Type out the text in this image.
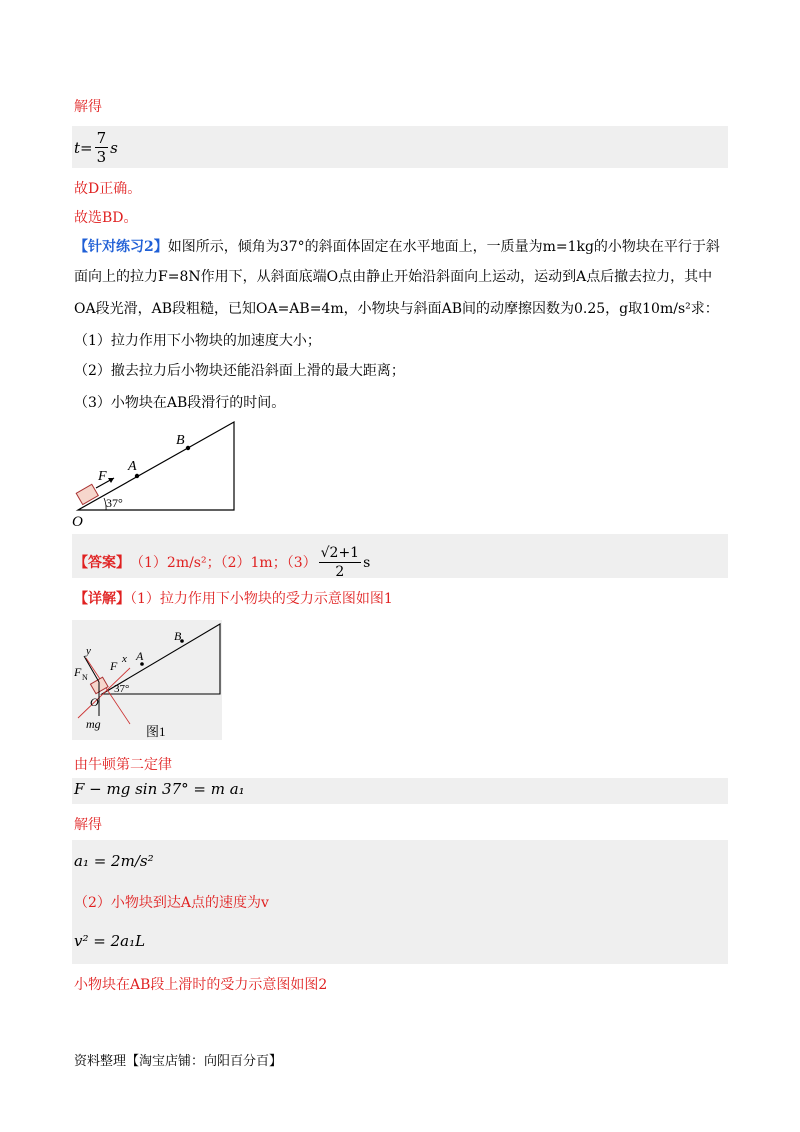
解得
$t = \frac{7}{3}$ s
故D正确。
故选BD。
【针对练习2】如图所示，倾角为37°的斜面体固定在水平地面上，一质量为m=1kg的小物块在平行于斜
面向上的拉力F=8N作用下，从斜面底端O点由静止开始沿斜面向上运动，运动到A点后撤去拉力，其中
OA段光滑，AB段粗糙，已知OA=AB=4m，小物块与斜面AB间的动摩擦因数为0.25，g取10m/s²求：
（1）拉力作用下小物块的加速度大小；
（2）撤去拉力后小物块还能沿斜面上滑的最大距离；
（3）小物块在AB段滑行的时间。
B
A
F
37°
O
【答案】 （1）2m/s²；（2）1m；$(3) \frac{√2+1}{2}$ s
【详解】（1）拉力作用下小物块的受力示意图如图1
B
A
x
y
F
F N
37°
O
mg	图1
由牛顿第二定律
F − mg sin 37° = m a₁
解得
a₁ = 2m/s²
（2）小物块到达A点的速度为v
v² = 2a₁L
小物块在AB段上滑时的受力示意图如图2
资料整理【淘宝店铺：向阳百分百】
